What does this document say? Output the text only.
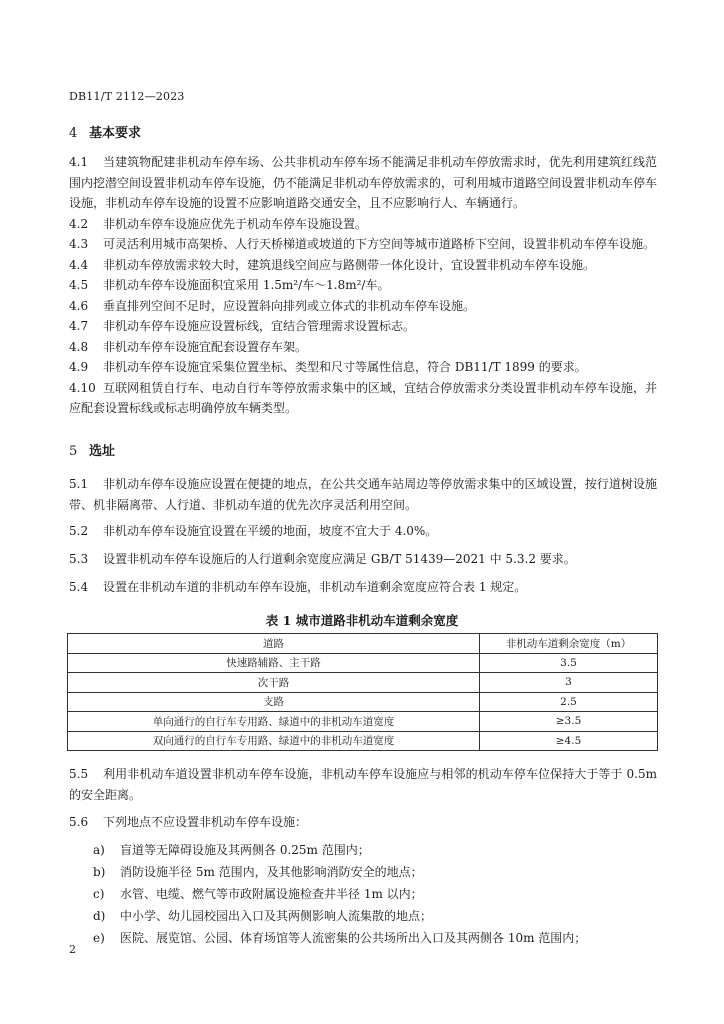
DB11/T 2112—2023
4 基本要求
4.1 当建筑物配建非机动车停车场、公共非机动车停车场不能满足非机动车停放需求时，优先利用建筑红线范围内挖潜空间设置非机动车停车设施，仍不能满足非机动车停放需求的，可利用城市道路空间设置非机动车停车设施，非机动车停车设施的设置不应影响道路交通安全，且不应影响行人、车辆通行。
4.2 非机动车停车设施应优先于机动车停车设施设置。
4.3 可灵活利用城市高架桥、人行天桥梯道或坡道的下方空间等城市道路桥下空间，设置非机动车停车设施。
4.4 非机动车停放需求较大时，建筑退线空间应与路侧带一体化设计，宜设置非机动车停车设施。
4.5 非机动车停车设施面积宜采用 1.5m²/车～1.8m²/车。
4.6 垂直排列空间不足时，应设置斜向排列或立体式的非机动车停车设施。
4.7 非机动车停车设施应设置标线，宜结合管理需求设置标志。
4.8 非机动车停车设施宜配套设置存车架。
4.9 非机动车停车设施宜采集位置坐标、类型和尺寸等属性信息，符合 DB11/T 1899 的要求。
4.10 互联网租赁自行车、电动自行车等停放需求集中的区域，宜结合停放需求分类设置非机动车停车设施，并应配套设置标线或标志明确停放车辆类型。
5 选址
5.1 非机动车停车设施应设置在便捷的地点，在公共交通车站周边等停放需求集中的区域设置，按行道树设施带、机非隔离带、人行道、非机动车道的优先次序灵活利用空间。
5.2 非机动车停车设施宜设置在平缓的地面，坡度不宜大于 4.0%。
5.3 设置非机动车停车设施后的人行道剩余宽度应满足 GB/T 51439—2021 中 5.3.2 要求。
5.4 设置在非机动车道的非机动车停车设施，非机动车道剩余宽度应符合表 1 规定。
表 1 城市道路非机动车道剩余宽度
道路	非机动车道剩余宽度（m）
快速路辅路、主干路	3.5
次干路	3
支路	2.5
单向通行的自行车专用路、绿道中的非机动车道宽度	≥3.5
双向通行的自行车专用路、绿道中的非机动车道宽度	≥4.5
5.5 利用非机动车道设置非机动车停车设施，非机动车停车设施应与相邻的机动车停车位保持大于等于 0.5m 的安全距离。
5.6 下列地点不应设置非机动车停车设施：
a)	盲道等无障碍设施及其两侧各 0.25m 范围内；
b)	消防设施半径 5m 范围内，及其他影响消防安全的地点；
c)	水管、电缆、燃气等市政附属设施检查井半径 1m 以内；
d)	中小学、幼儿园校园出入口及其两侧影响人流集散的地点；
e)	医院、展览馆、公园、体育场馆等人流密集的公共场所出入口及其两侧各 10m 范围内；
2
